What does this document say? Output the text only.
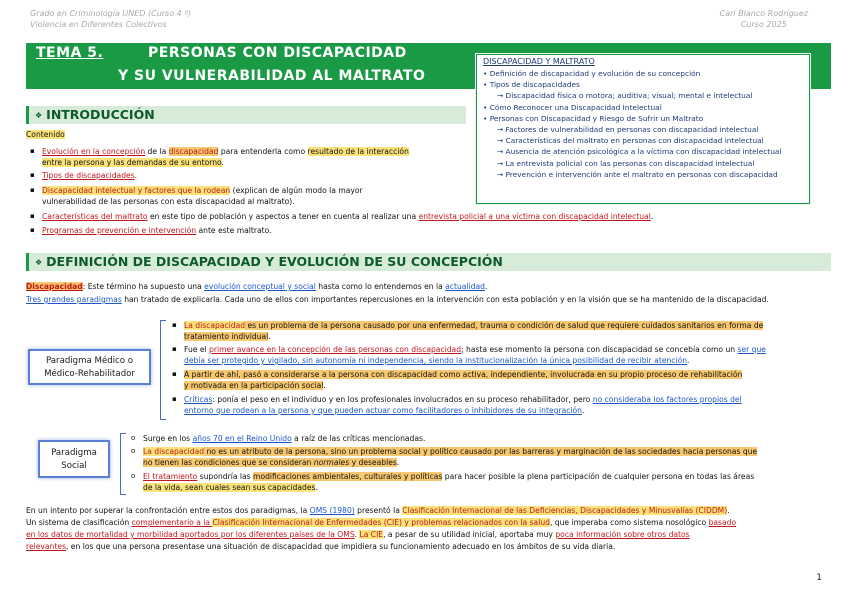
Grado en Criminología UNED (Curso 4 º)
Violencia en Diferentes Colectivos
Cari Blanco Rodríguez
Curso 2025
TEMA 5.	PERSONAS CON DISCAPACIDAD
Y SU VULNERABILIDAD AL MALTRATO
DISCAPACIDAD Y MALTRATO
• Definición de discapacidad y evolución de su concepción
• Tipos de discapacidades
→ Discapacidad física o motora; auditiva; visual; mental e intelectual
• Cómo Reconocer una Discapacidad Intelectual
• Personas con Discapacidad y Riesgo de Sufrir un Maltrato
→ Factores de vulnerabilidad en personas con discapacidad intelectual
→ Características del maltrato en personas con discapacidad intelectual
→ Ausencia de atención psicológica a la víctima con discapacidad intelectual
→ La entrevista policial con las personas con discapacidad intelectual
→ Prevención e intervención ante el maltrato en personas con discapacidad
❖ INTRODUCCIÓN
Contenido
▪ Evolución en la concepción de la discapacidad para entenderla como resultado de la interacción
entre la persona y las demandas de su entorno.
▪ Tipos de discapacidades.
▪ Discapacidad intelectual y factores que la rodean (explican de algún modo la mayor
vulnerabilidad de las personas con esta discapacidad al maltrato).
▪ Características del maltrato en este tipo de población y aspectos a tener en cuenta al realizar una entrevista policial a una víctima con discapacidad intelectual.
▪ Programas de prevención e intervención ante este maltrato.
❖ DEFINICIÓN DE DISCAPACIDAD Y EVOLUCIÓN DE SU CONCEPCIÓN
Discapacidad: Este término ha supuesto una evolución conceptual y social hasta como lo entendemos en la actualidad.
Tres grandes paradigmas han tratado de explicarla. Cada uno de ellos con importantes repercusiones en la intervención con esta población y en la visión que se ha mantenido de la discapacidad.
Paradigma Médico o
Médico-Rehabilitador
▪ La discapacidad es un problema de la persona causado por una enfermedad, trauma o condición de salud que requiere cuidados sanitarios en forma de
tratamiento individual.
▪ Fue el primer avance en la concepción de las personas con discapacidad; hasta ese momento la persona con discapacidad se concebía como un ser que
debía ser protegido y vigilado, sin autonomía ni independencia, siendo la institucionalización la única posibilidad de recibir atención.
▪ A partir de ahí, pasó a considerarse a la persona con discapacidad como activa, independiente, involucrada en su propio proceso de rehabilitación
y motivada en la participación social.
▪ Críticas: ponía el peso en el individuo y en los profesionales involucrados en su proceso rehabilitador, pero no consideraba los factores propios del
entorno que rodean a la persona y que pueden actuar como facilitadores o inhibidores de su integración.
Paradigma
Social
o Surge en los años 70 en el Reino Unido a raíz de las críticas mencionadas.
o La discapacidad no es un atributo de la persona, sino un problema social y político causado por las barreras y marginación de las sociedades hacia personas que
no tienen las condiciones que se consideran normales y deseables.
o El tratamiento supondría las modificaciones ambientales, culturales y políticas para hacer posible la plena participación de cualquier persona en todas las áreas
de la vida, sean cuales sean sus capacidades.
En un intento por superar la confrontación entre estos dos paradigmas, la OMS (1980) presentó la Clasificación Internacional de las Deficiencias, Discapacidades y Minusvalías (CIDDM).
Un sistema de clasificación complementario a la Clasificación Internacional de Enfermedades (CIE) y problemas relacionados con la salud, que imperaba como sistema nosológico basado
en los datos de mortalidad y morbilidad aportados por los diferentes países de la OMS. La CIE, a pesar de su utilidad inicial, aportaba muy poca información sobre otros datos
relevantes, en los que una persona presentase una situación de discapacidad que impidiera su funcionamiento adecuado en los ámbitos de su vida diaria.
1
